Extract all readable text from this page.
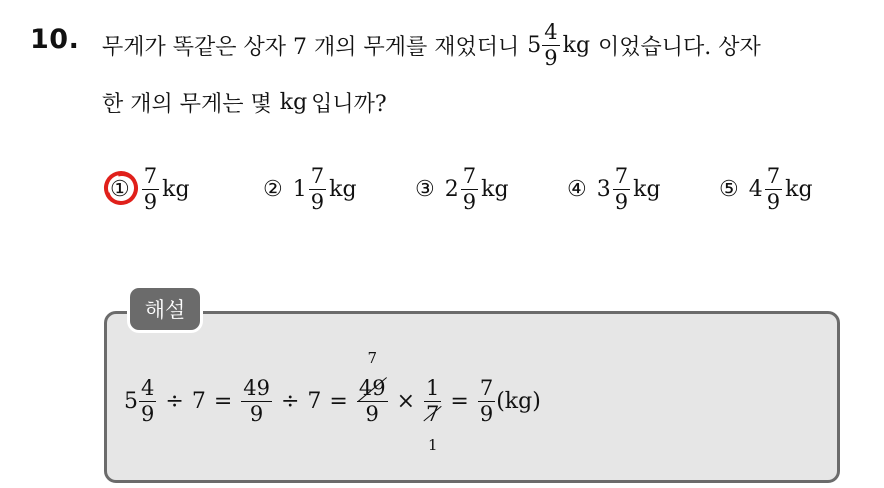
10. 무게가 똑같은 상자 7 개의 무게를 재었더니 $5 \frac{4}{9}$ kg 이었습니다. 상자
한 개의 무게는 몇 kg 입니까?
① $\frac{7}{9}$ kg	② $1 \frac{7}{9}$ kg	③ $2 \frac{7}{9}$ kg	④ $3 \frac{7}{9}$ kg	⑤ $4 \frac{7}{9}$ kg
해설
$5 \frac{4}{9} \div 7 = \frac{49}{9} \div 7 = 49$
7
9 × 1
7
$1 = \frac{7}{9} (kg)$
